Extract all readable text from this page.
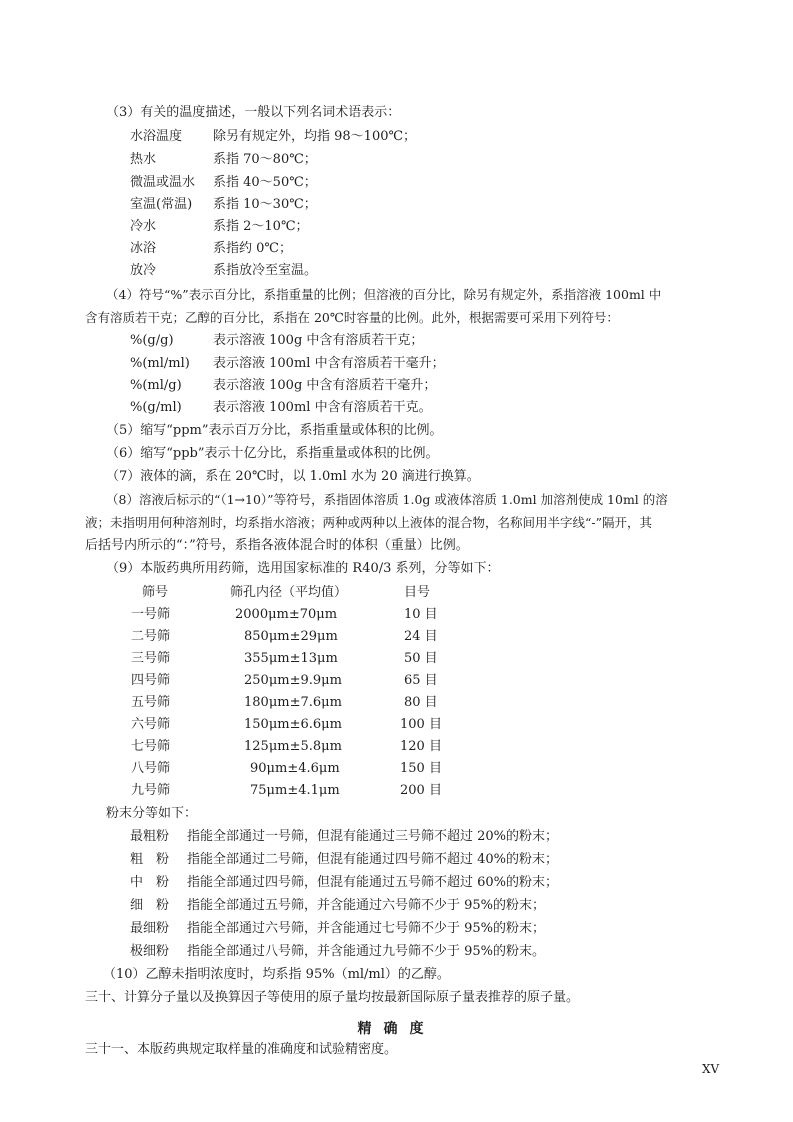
（3）有关的温度描述，一般以下列名词术语表示：
水浴温度 除另有规定外，均指 98～100℃；
热水	系指 70～80℃；
微温或温水 系指 40～50℃；
室温(常温) 系指 10～30℃；
冷水	系指 2～10℃；
冰浴	系指约 0℃；
放冷	系指放冷至室温。
（4）符号“%”表示百分比，系指重量的比例；但溶液的百分比，除另有规定外，系指溶液 100ml 中
含有溶质若干克；乙醇的百分比，系指在 20℃时容量的比例。此外，根据需要可采用下列符号：
%(g/g)	表示溶液 100g 中含有溶质若干克；
%(ml/ml) 表示溶液 100ml 中含有溶质若干毫升；
%(ml/g) 表示溶液 100g 中含有溶质若干毫升；
%(g/ml) 表示溶液 100ml 中含有溶质若干克。
（5）缩写“ppm”表示百万分比，系指重量或体积的比例。
（6）缩写“ppb”表示十亿分比，系指重量或体积的比例。
（7）液体的滴，系在 20℃时，以 1.0ml 水为 20 滴进行换算。
（8）溶液后标示的“（1→10）”等符号，系指固体溶质 1.0g 或液体溶质 1.0ml 加溶剂使成 10ml 的溶
液；未指明用何种溶剂时，均系指水溶液；两种或两种以上液体的混合物，名称间用半字线“-”隔开，其
后括号内所示的“：”符号，系指各液体混合时的体积（重量）比例。
（9）本版药典所用药筛，选用国家标准的 R40/3 系列，分等如下：
筛号	筛孔内径（平均值）	目号
一号筛	2000μm±70μm	10 目
二号筛	850μm±29μm	24 目
三号筛	355μm±13μm	50 目
四号筛	250μm±9.9μm	65 目
五号筛	180μm±7.6μm	80 目
六号筛	150μm±6.6μm	100 目
七号筛	125μm±5.8μm	120 目
八号筛	90μm±4.6μm	150 目
九号筛	75μm±4.1μm	200 目
粉末分等如下：
最粗粉 指能全部通过一号筛，但混有能通过三号筛不超过 20%的粉末；
粗　粉 指能全部通过二号筛，但混有能通过四号筛不超过 40%的粉末；
中　粉 指能全部通过四号筛，但混有能通过五号筛不超过 60%的粉末；
细　粉 指能全部通过五号筛，并含能通过六号筛不少于 95%的粉末；
最细粉 指能全部通过六号筛，并含能通过七号筛不少于 95%的粉末；
极细粉 指能全部通过八号筛，并含能通过九号筛不少于 95%的粉末。
（10）乙醇未指明浓度时，均系指 95%（ml/ml）的乙醇。
三十、计算分子量以及换算因子等使用的原子量均按最新国际原子量表推荐的原子量。
精确度
三十一、本版药典规定取样量的准确度和试验精密度。
XV
